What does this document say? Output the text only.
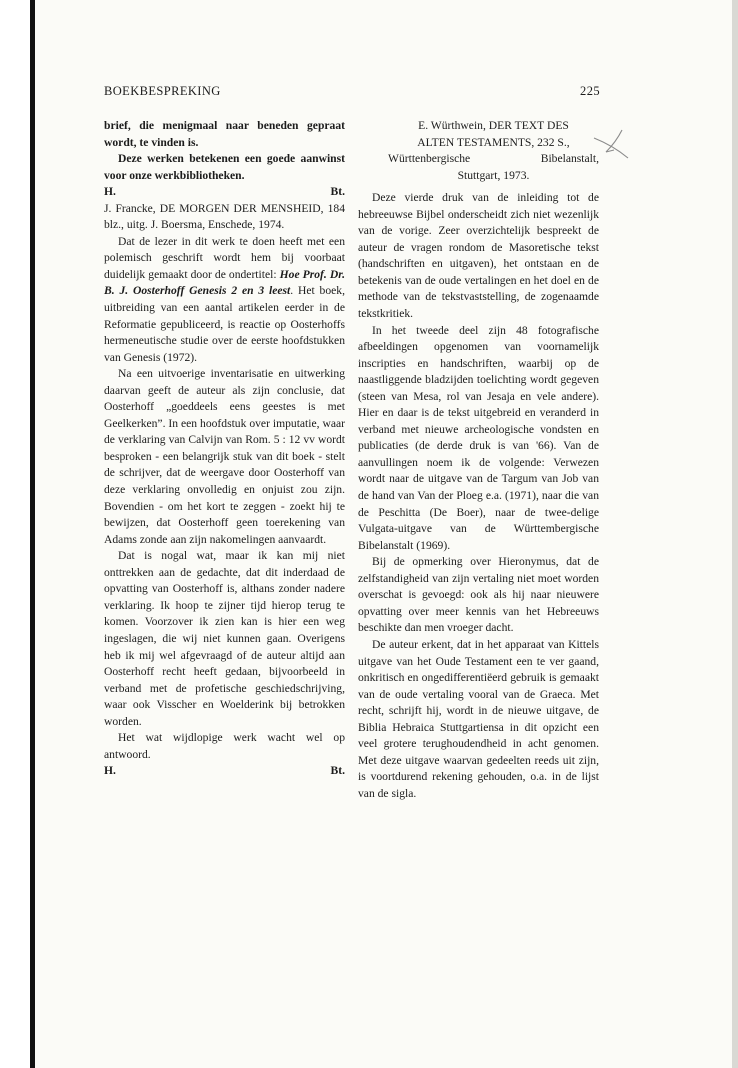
BOEKBESPREKING	225

brief, die menigmaal naar beneden gepraat wordt, te vinden is.

Deze werken betekenen een goede aanwinst voor onze werkbibliotheken.

H.	Bt.

J. Francke, DE MORGEN DER MENSHEID, 184 blz., uitg. J. Boersma, Enschede, 1974.

Dat de lezer in dit werk te doen heeft met een polemisch geschrift wordt hem bij voorbaat duidelijk gemaakt door de ondertitel: Hoe Prof. Dr. B. J. Oosterhoff Genesis 2 en 3 leest. Het boek, uitbreiding van een aantal artikelen eerder in de Reformatie gepubliceerd, is reactie op Oosterhoffs hermeneutische studie over de eerste hoofdstukken van Genesis (1972).

Na een uitvoerige inventarisatie en uitwerking daarvan geeft de auteur als zijn conclusie, dat Oosterhoff „goeddeels eens geestes is met Geelkerken”. In een hoofdstuk over imputatie, waar de verklaring van Calvijn van Rom. 5 : 12 vv wordt besproken - een belangrijk stuk van dit boek - stelt de schrijver, dat de weergave door Oosterhoff van deze verklaring onvolledig en onjuist zou zijn. Bovendien - om het kort te zeggen - zoekt hij te bewijzen, dat Oosterhoff geen toerekening van Adams zonde aan zijn nakomelingen aanvaardt.

Dat is nogal wat, maar ik kan mij niet onttrekken aan de gedachte, dat dit inderdaad de opvatting van Oosterhoff is, althans zonder nadere verklaring. Ik hoop te zijner tijd hierop terug te komen. Voorzover ik zien kan is hier een weg ingeslagen, die wij niet kunnen gaan. Overigens heb ik mij wel afgevraagd of de auteur altijd aan Oosterhoff recht heeft gedaan, bijvoorbeeld in verband met de profetische geschiedschrijving, waar ook Visscher en Woelderink bij betrokken worden.

Het wat wijdlopige werk wacht wel op antwoord.

H.	Bt.
E. Würthwein, DER TEXT DES
ALTEN TESTAMENTS, 232 S.,
Württenbergische	Bibelanstalt,
Stuttgart, 1973.

Deze vierde druk van de inleiding tot de hebreeuwse Bijbel onderscheidt zich niet wezenlijk van de vorige. Zeer overzichtelijk bespreekt de auteur de vragen rondom de Masoretische tekst (handschriften en uitgaven), het ontstaan en de betekenis van de oude vertalingen en het doel en de methode van de tekstvaststelling, de zogenaamde tekstkritiek.

In het tweede deel zijn 48 fotografische afbeeldingen opgenomen van voornamelijk inscripties en handschriften, waarbij op de naastliggende bladzijden toelichting wordt gegeven (steen van Mesa, rol van Jesaja en vele andere). Hier en daar is de tekst uitgebreid en veranderd in verband met nieuwe archeologische vondsten en publicaties (de derde druk is van '66). Van de aanvullingen noem ik de volgende: Verwezen wordt naar de uitgave van de Targum van Job van de hand van Van der Ploeg e.a. (1971), naar die van de Peschitta (De Boer), naar de twee-delige Vulgata-uitgave van de Württembergische Bibelanstalt (1969).

Bij de opmerking over Hieronymus, dat de zelfstandigheid van zijn vertaling niet moet worden overschat is gevoegd: ook als hij naar nieuwere opvatting over meer kennis van het Hebreeuws beschikte dan men vroeger dacht.

De auteur erkent, dat in het apparaat van Kittels uitgave van het Oude Testament een te ver gaand, onkritisch en ongedifferentiëerd gebruik is gemaakt van de oude vertaling vooral van de Graeca. Met recht, schrijft hij, wordt in de nieuwe uitgave, de Biblia Hebraica Stuttgartiensa in dit opzicht een veel grotere terughoudendheid in acht genomen. Met deze uitgave waarvan gedeelten reeds uit zijn, is voortdurend rekening gehouden, o.a. in de lijst van de sigla.
